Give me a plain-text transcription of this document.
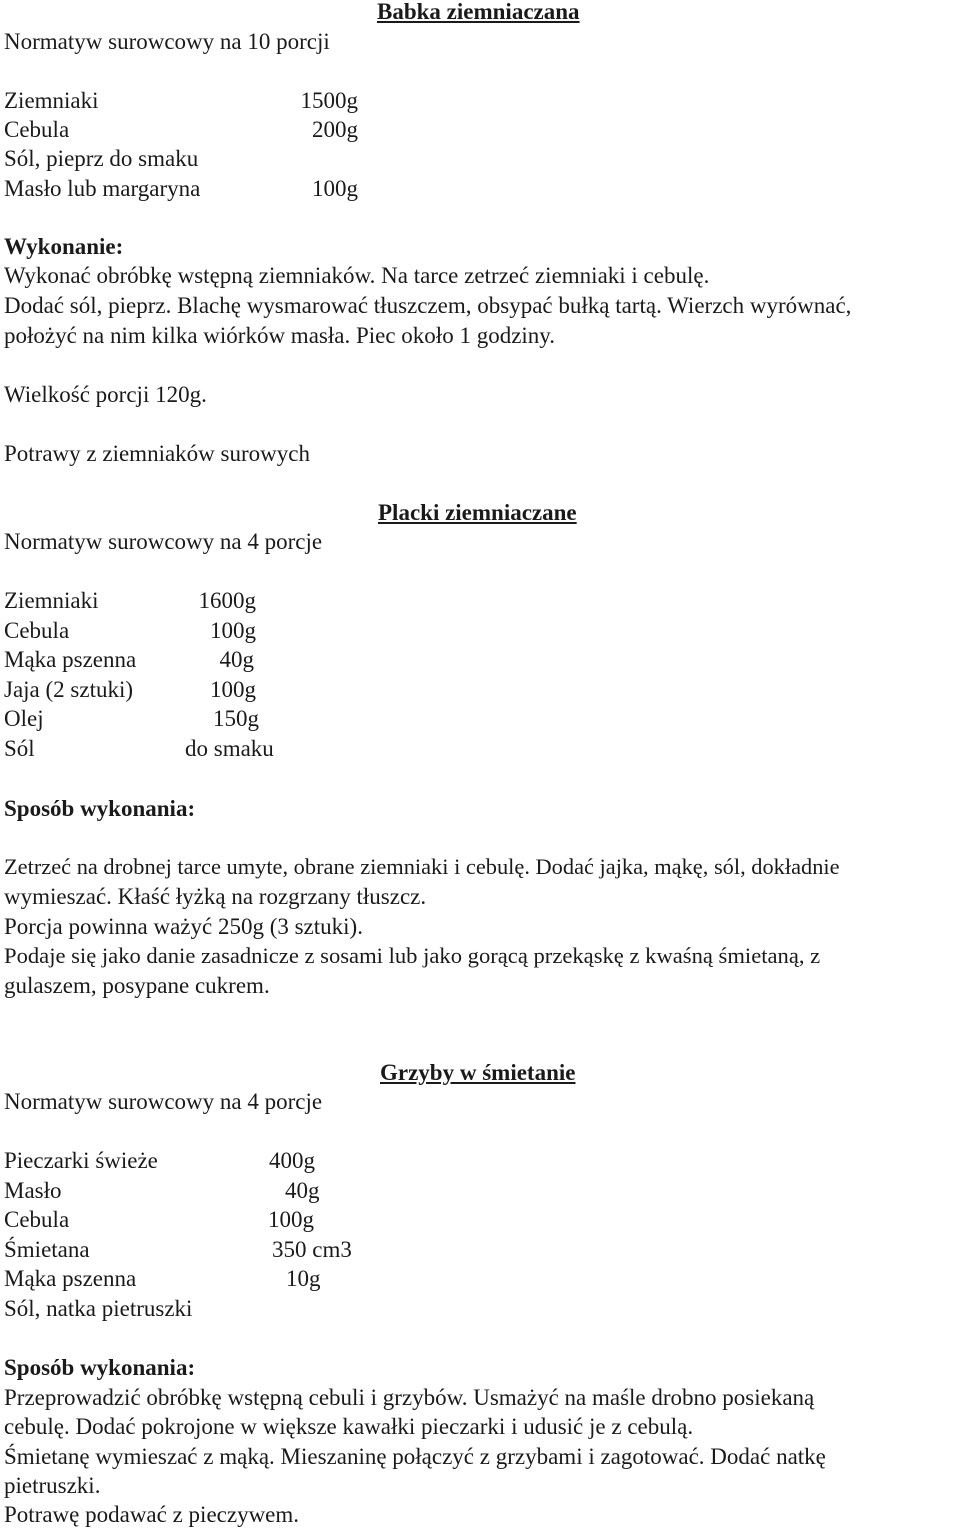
Babka ziemniaczana
Normatyw surowcowy na 10 porcji
Ziemniaki
Cebula
Sól, pieprz do smaku
Masło lub margaryna
1500g
200g
100g
Wykonanie:
Wykonać obróbkę wstępną ziemniaków. Na tarce zetrzeć ziemniaki i cebulę.
Dodać sól, pieprz. Blachę wysmarować tłuszczem, obsypać bułką tartą. Wierzch wyrównać,
położyć na nim kilka wiórków masła. Piec około 1 godziny.
Wielkość porcji 120g.
Potrawy z ziemniaków surowych
Placki ziemniaczane
Normatyw surowcowy na 4 porcje
Ziemniaki
Cebula
Mąka pszenna
Jaja (2 sztuki)
Olej
Sól
1600g
100g
40g
100g
150g
do smaku
Sposób wykonania:
Zetrzeć na drobnej tarce umyte, obrane ziemniaki i cebulę. Dodać jajka, mąkę, sól, dokładnie
wymieszać. Kłaść łyżką na rozgrzany tłuszcz.
Porcja powinna ważyć 250g (3 sztuki).
Podaje się jako danie zasadnicze z sosami lub jako gorącą przekąskę z kwaśną śmietaną, z
gulaszem, posypane cukrem.
Grzyby w śmietanie
Normatyw surowcowy na 4 porcje
Pieczarki świeże
Masło
Cebula
Śmietana
Mąka pszenna
Sól, natka pietruszki
400g
40g
100g
350 cm3
10g
Sposób wykonania:
Przeprowadzić obróbkę wstępną cebuli i grzybów. Usmażyć na maśle drobno posiekaną
cebulę. Dodać pokrojone w większe kawałki pieczarki i udusić je z cebulą.
Śmietanę wymieszać z mąką. Mieszaninę połączyć z grzybami i zagotować. Dodać natkę
pietruszki.
Potrawę podawać z pieczywem.
